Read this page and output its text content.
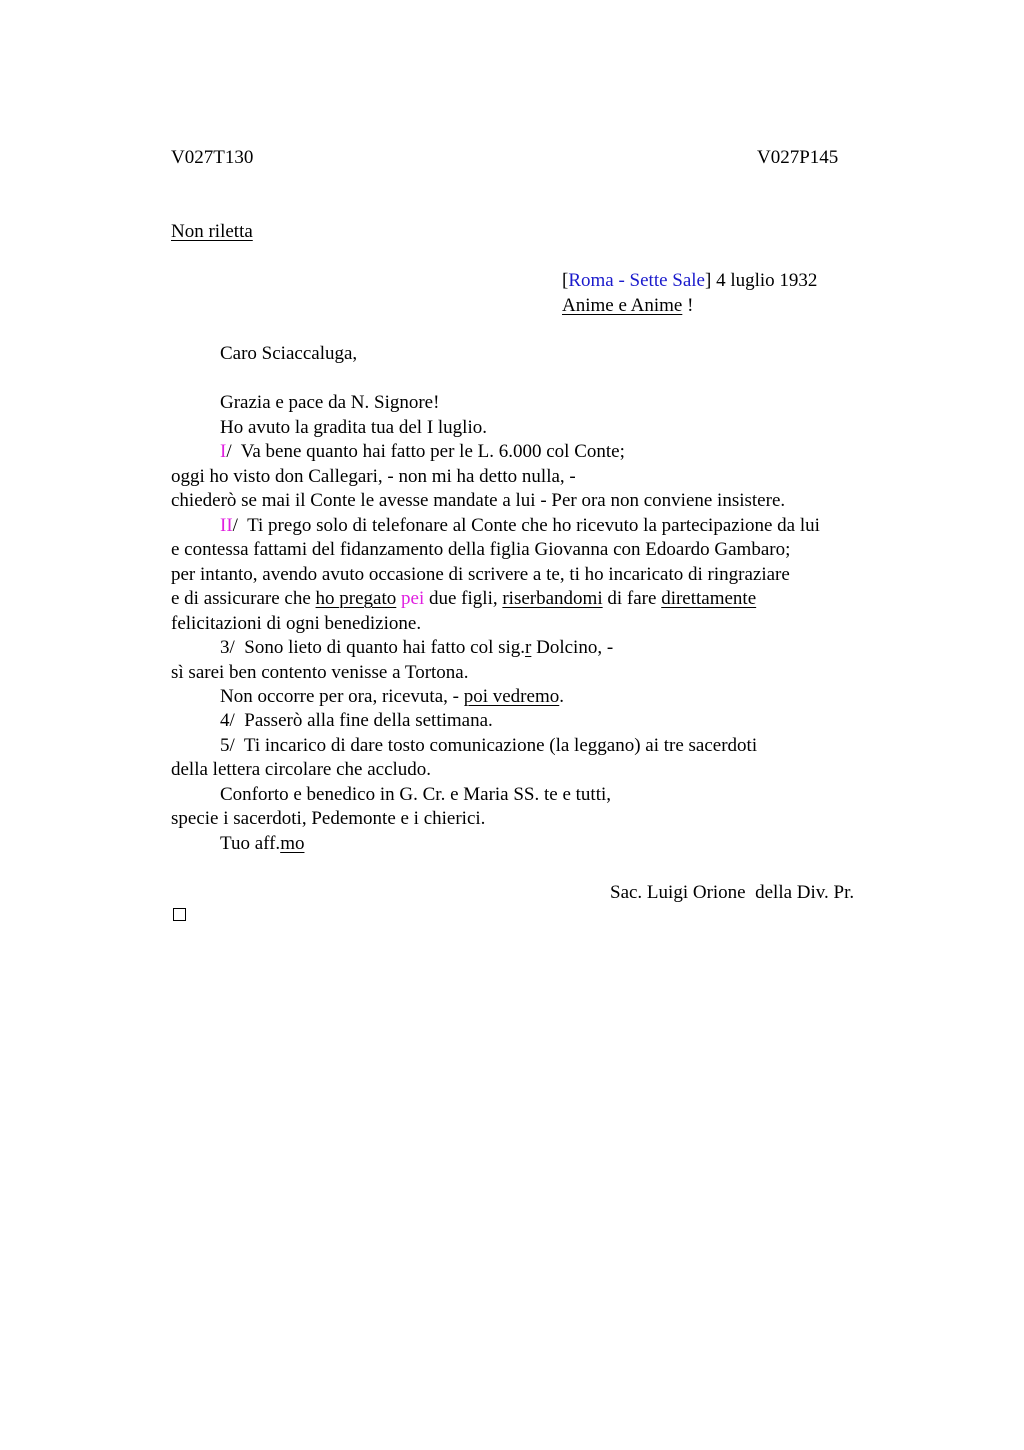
V027T130	V027P145
Non riletta
[Roma - Sette Sale] 4 luglio 1932
Anime e Anime !
Caro Sciaccaluga,
Grazia e pace da N. Signore!
Ho avuto la gradita tua del I luglio.
I/  Va bene quanto hai fatto per le L. 6.000 col Conte;
oggi ho visto don Callegari, - non mi ha detto nulla, -
chiederò se mai il Conte le avesse mandate a lui - Per ora non conviene insistere.
II/  Ti prego solo di telefonare al Conte che ho ricevuto la partecipazione da lui
e contessa fattami del fidanzamento della figlia Giovanna con Edoardo Gambaro;
per intanto, avendo avuto occasione di scrivere a te, ti ho incaricato di ringraziare
e di assicurare che ho pregato pei due figli, riserbandomi di fare direttamente
felicitazioni di ogni benedizione.
3/  Sono lieto di quanto hai fatto col sig.r Dolcino, -
sì sarei ben contento venisse a Tortona.
Non occorre per ora, ricevuta, - poi vedremo.
4/  Passerò alla fine della settimana.
5/  Ti incarico di dare tosto comunicazione (la leggano) ai tre sacerdoti
della lettera circolare che accludo.
Conforto e benedico in G. Cr. e Maria SS. te e tutti,
specie i sacerdoti, Pedemonte e i chierici.
Tuo aff.mo
Sac. Luigi Orione  della Div. Pr.
